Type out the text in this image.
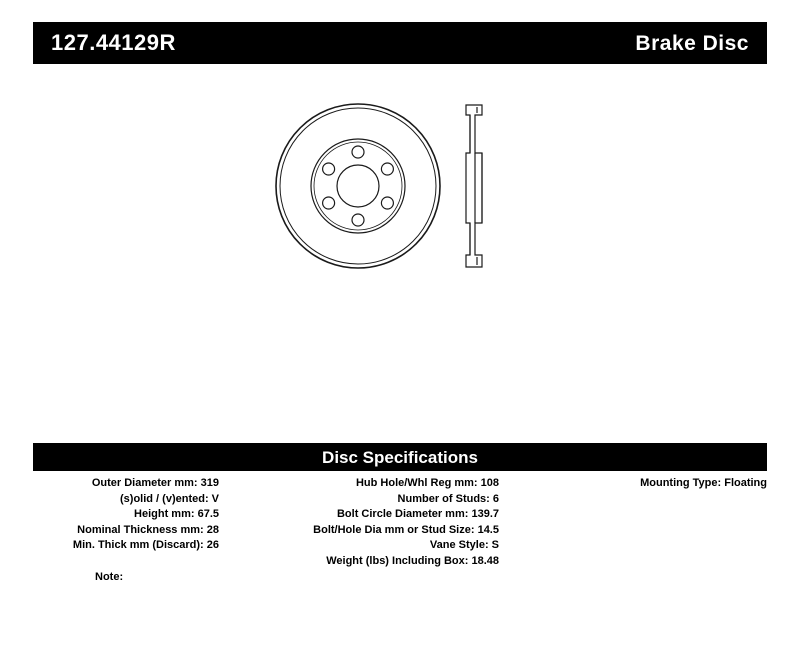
127.44129R	Brake Disc
Disc Specifications
Outer Diameter mm: 319
(s)olid / (v)ented: V
Height mm: 67.5
Nominal Thickness mm: 28
Min. Thick mm (Discard): 26
Hub Hole/Whl Reg mm: 108
Number of Studs: 6
Bolt Circle Diameter mm: 139.7
Bolt/Hole Dia mm or Stud Size: 14.5
Vane Style: S
Weight (lbs) Including Box: 18.48
Mounting Type: Floating
Note:
